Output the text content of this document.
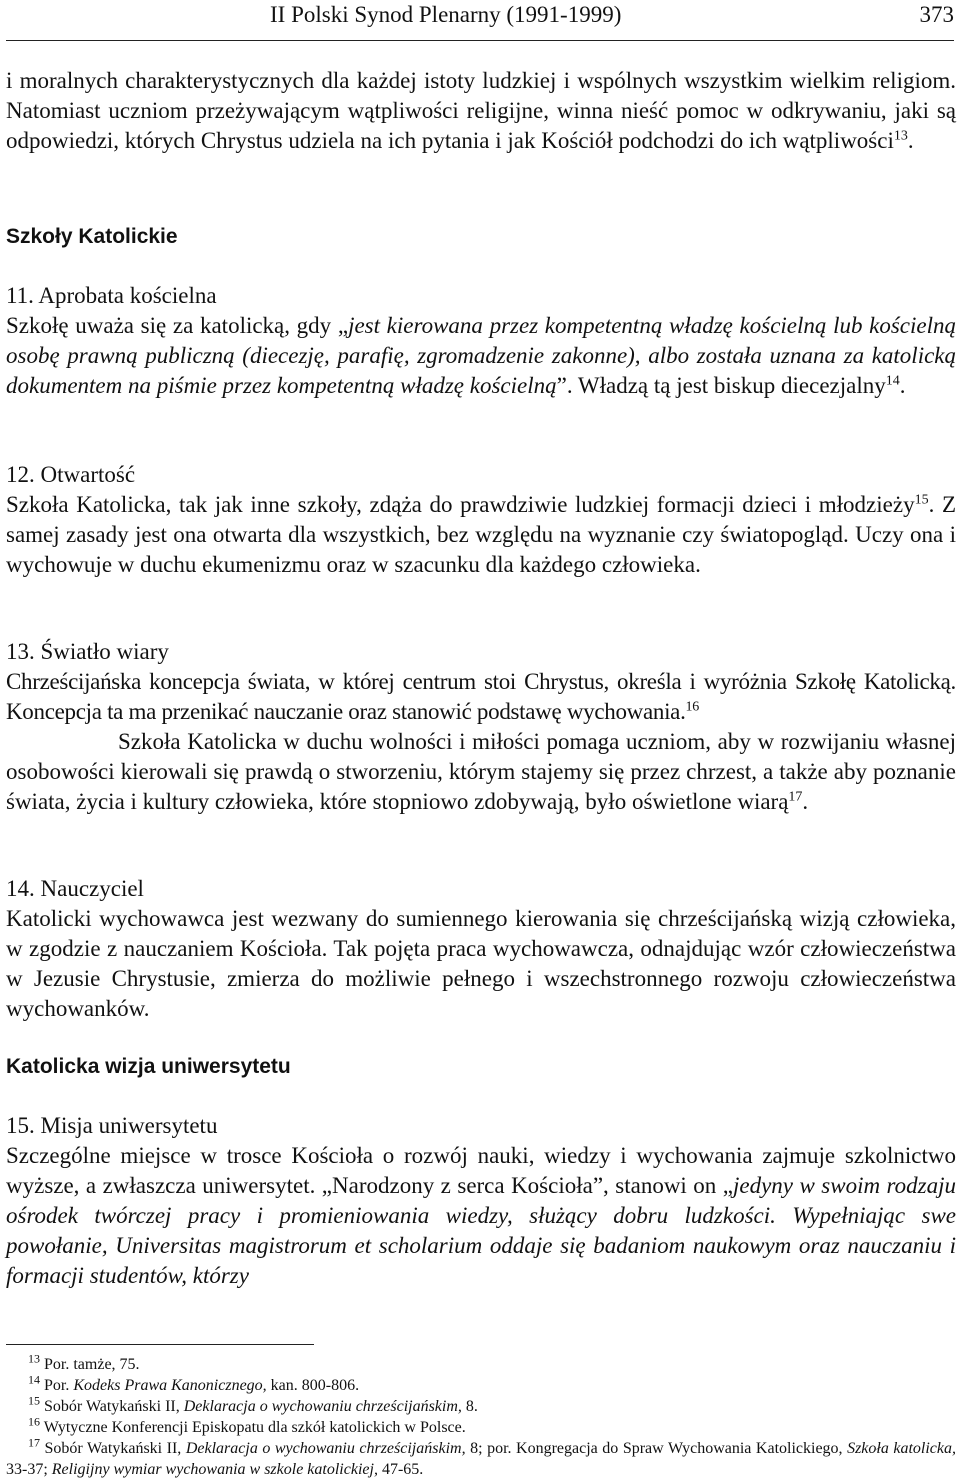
II Polski Synod Plenarny (1991-1999)	373

i moralnych charakterystycznych dla każdej istoty ludzkiej i wspólnych wszystkim wielkim religiom. Natomiast uczniom przeżywającym wątpliwości religijne, winna nieść pomoc w odkrywaniu, jaki są odpowiedzi, których Chrystus udziela na ich pytania i jak Kościół podchodzi do ich wątpliwości$^{13}$.

Szkoły Katolickie

11. Aprobata kościelna

Szkołę uważa się za katolicką, gdy „jest kierowana przez kompetentną władzę kościelną lub kościelną osobę prawną publiczną (diecezję, parafię, zgromadzenie zakonne), albo została uznana za katolicką dokumentem na piśmie przez kompetentną władzę kościelną”. Władzą tą jest biskup diecezjalny$^{14}$.

12. Otwartość

Szkoła Katolicka, tak jak inne szkoły, zdąża do prawdziwie ludzkiej formacji dzieci i młodzieży$^{15}$. Z samej zasady jest ona otwarta dla wszystkich, bez względu na wyznanie czy światopogląd. Uczy ona i wychowuje w duchu ekumenizmu oraz w szacunku dla każdego człowieka.

13. Światło wiary

Chrześcijańska koncepcja świata, w której centrum stoi Chrystus, określa i wyróżnia Szkołę Katolicką. Koncepcja ta ma przenikać nauczanie oraz stanowić podstawę wychowania.$^{16}$

Szkoła Katolicka w duchu wolności i miłości pomaga uczniom, aby w rozwijaniu własnej osobowości kierowali się prawdą o stworzeniu, którym stajemy się przez chrzest, a także aby poznanie świata, życia i kultury człowieka, które stopniowo zdobywają, było oświetlone wiarą$^{17}$.

14. Nauczyciel

Katolicki wychowawca jest wezwany do sumiennego kierowania się chrześcijańską wizją człowieka, w zgodzie z nauczaniem Kościoła. Tak pojęta praca wychowawcza, odnajdując wzór człowieczeństwa w Jezusie Chrystusie, zmierza do możliwie pełnego i wszechstronnego rozwoju człowieczeństwa wychowanków.

Katolicka wizja uniwersytetu

15. Misja uniwersytetu

Szczególne miejsce w trosce Kościoła o rozwój nauki, wiedzy i wychowania zajmuje szkolnictwo wyższe, a zwłaszcza uniwersytet. „Narodzony z serca Kościoła”, stanowi on „jedyny w swoim rodzaju ośrodek twórczej pracy i promieniowania wiedzy, służący dobru ludzkości. Wypełniając swe powołanie, Universitas magistrorum et scholarium oddaje się badaniom naukowym oraz nauczaniu i formacji studentów, którzy

$^{13}$ Por. tamże, 75.

$^{14}$ Por. Kodeks Prawa Kanonicznego, kan. 800-806.

$^{15}$ Sobór Watykański II, Deklaracja o wychowaniu chrześcijańskim, 8.

$^{16}$ Wytyczne Konferencji Episkopatu dla szkół katolickich w Polsce.

$^{17}$ Sobór Watykański II, Deklaracja o wychowaniu chrześcijańskim, 8; por. Kongregacja do Spraw Wychowania Katolickiego, Szkoła katolicka, 33-37; Religijny wymiar wychowania w szkole katolickiej, 47-65.
